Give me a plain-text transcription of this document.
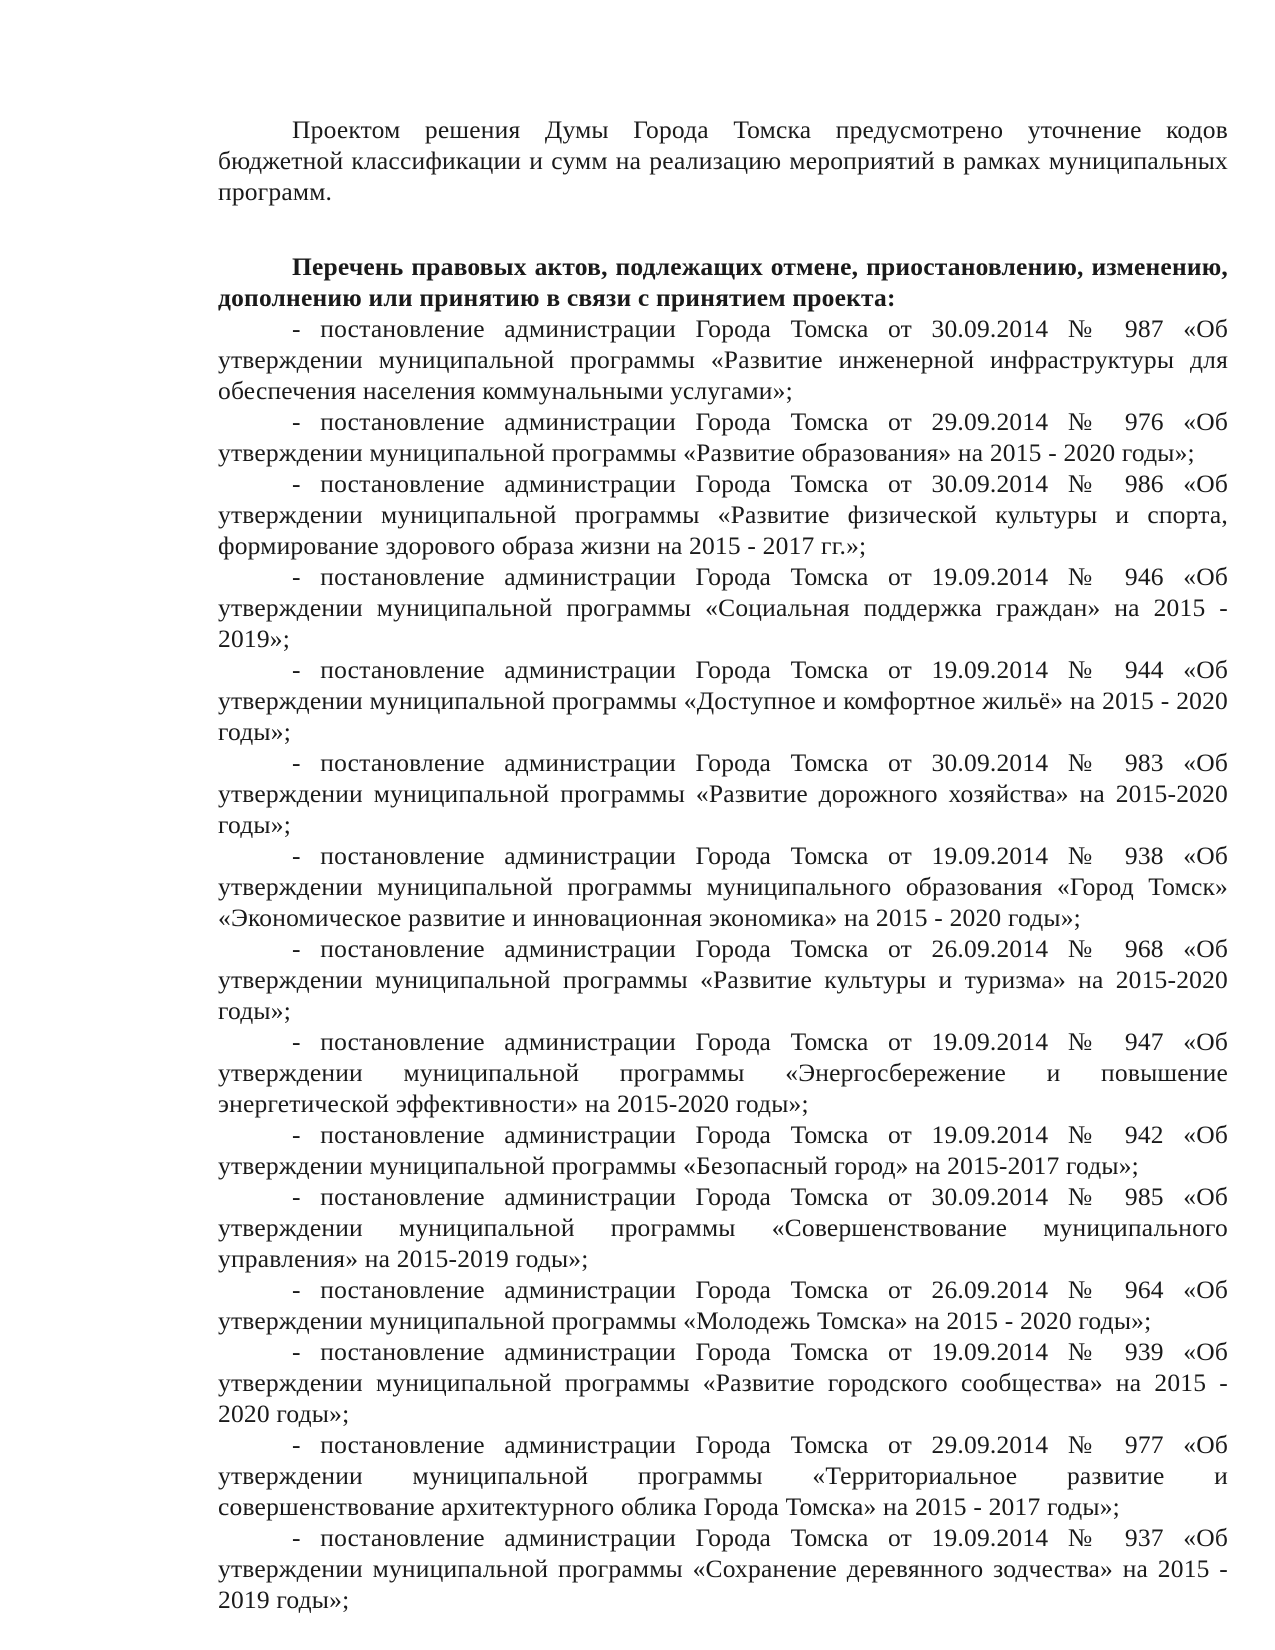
Проектом решения Думы Города Томска предусмотрено уточнение кодов бюджетной классификации и сумм на реализацию мероприятий в рамках муниципальных программ.

Перечень правовых актов, подлежащих отмене, приостановлению, изменению, дополнению или принятию в связи с принятием проекта:

- постановление администрации Города Томска от 30.09.2014 № 987 «Об утверждении муниципальной программы «Развитие инженерной инфраструктуры для обеспечения населения коммунальными услугами»;

- постановление администрации Города Томска от 29.09.2014 № 976 «Об утверждении муниципальной программы «Развитие образования» на 2015 - 2020 годы»;

- постановление администрации Города Томска от 30.09.2014 № 986 «Об утверждении муниципальной программы «Развитие физической культуры и спорта, формирование здорового образа жизни на 2015 - 2017 гг.»;

- постановление администрации Города Томска от 19.09.2014 № 946 «Об утверждении муниципальной программы «Социальная поддержка граждан» на 2015 - 2019»;

- постановление администрации Города Томска от 19.09.2014 № 944 «Об утверждении муниципальной программы «Доступное и комфортное жильё» на 2015 - 2020 годы»;

- постановление администрации Города Томска от 30.09.2014 № 983 «Об утверждении муниципальной программы «Развитие дорожного хозяйства» на 2015-2020 годы»;

- постановление администрации Города Томска от 19.09.2014 № 938 «Об утверждении муниципальной программы муниципального образования «Город Томск» «Экономическое развитие и инновационная экономика» на 2015 - 2020 годы»;

- постановление администрации Города Томска от 26.09.2014 № 968 «Об утверждении муниципальной программы «Развитие культуры и туризма» на 2015-2020 годы»;

- постановление администрации Города Томска от 19.09.2014 № 947 «Об утверждении муниципальной программы «Энергосбережение и повышение энергетической эффективности» на 2015-2020 годы»;

- постановление администрации Города Томска от 19.09.2014 № 942 «Об утверждении муниципальной программы «Безопасный город» на 2015-2017 годы»;

- постановление администрации Города Томска от 30.09.2014 № 985 «Об утверждении муниципальной программы «Совершенствование муниципального управления» на 2015-2019 годы»;

- постановление администрации Города Томска от 26.09.2014 № 964 «Об утверждении муниципальной программы «Молодежь Томска» на 2015 - 2020 годы»;

- постановление администрации Города Томска от 19.09.2014 № 939 «Об утверждении муниципальной программы «Развитие городского сообщества» на 2015 - 2020 годы»;

- постановление администрации Города Томска от 29.09.2014 № 977 «Об утверждении муниципальной программы «Территориальное развитие и совершенствование архитектурного облика Города Томска» на 2015 - 2017 годы»;

- постановление администрации Города Томска от 19.09.2014 № 937 «Об утверждении муниципальной программы «Сохранение деревянного зодчества» на 2015 - 2019 годы»;
